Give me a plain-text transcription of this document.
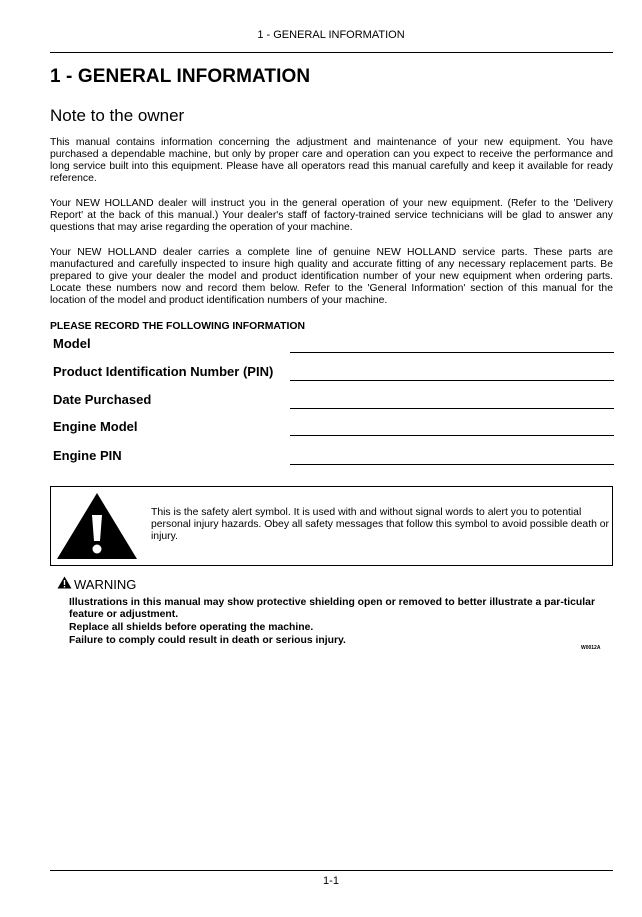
1 - GENERAL INFORMATION
1 - GENERAL INFORMATION
Note to the owner

This manual contains information concerning the adjustment and maintenance of your new equipment. You have purchased a dependable machine, but only by proper care and operation can you expect to receive the performance and long service built into this equipment. Please have all operators read this manual carefully and keep it available for ready reference.

Your NEW HOLLAND dealer will instruct you in the general operation of your new equipment. (Refer to the 'Delivery Report' at the back of this manual.) Your dealer's staff of factory-trained service technicians will be glad to answer any questions that may arise regarding the operation of your machine.

Your NEW HOLLAND dealer carries a complete line of genuine NEW HOLLAND service parts. These parts are manufactured and carefully inspected to insure high quality and accurate fitting of any necessary replacement parts. Be prepared to give your dealer the model and product identification number of your new equipment when ordering parts. Locate these numbers now and record them below. Refer to the 'General Information' section of this manual for the location of the model and product identification numbers of your machine.

PLEASE RECORD THE FOLLOWING INFORMATION
Model
Product Identification Number (PIN)
Date Purchased
Engine Model
Engine PIN

This is the safety alert symbol. It is used with and without signal words to alert you to potential personal injury hazards. Obey all safety messages that follow this symbol to avoid possible death or injury.

WARNING

Illustrations in this manual may show protective shielding open or removed to better illustrate a par-ticular feature or adjustment.

Replace all shields before operating the machine.

Failure to comply could result in death or serious injury.

W0012A
1-1
